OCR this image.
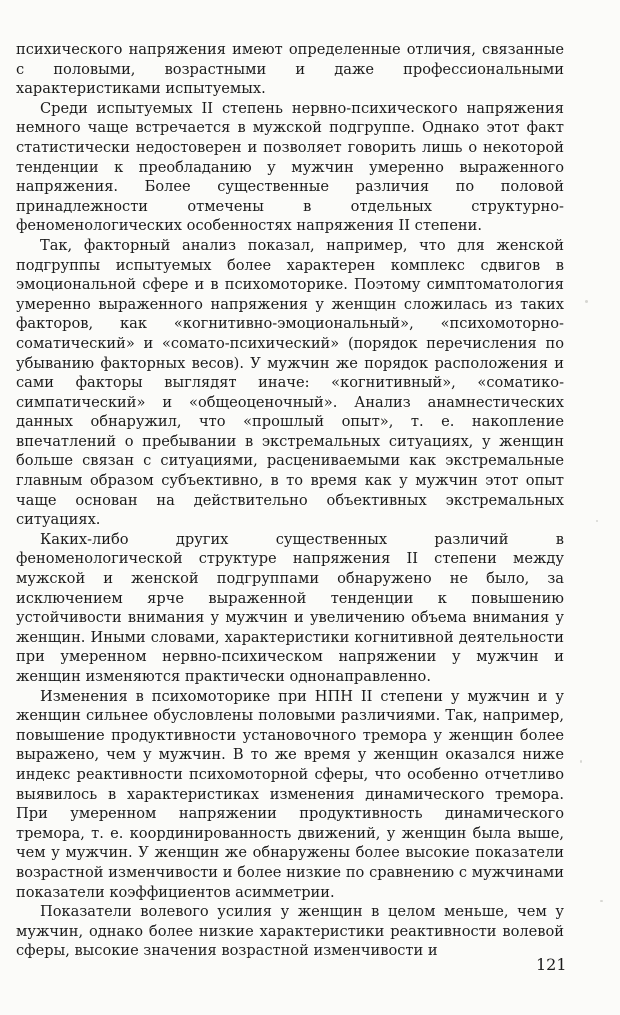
психического напряжения имеют определенные отличия, связанные с половыми, возрастными и даже профессиональными характеристиками испытуемых.

Среди испытуемых II степень нервно-психического напряжения немного чаще встречается в мужской подгруппе. Однако этот факт статистически недостоверен и позволяет говорить лишь о некоторой тенденции к преобладанию у мужчин умеренно выраженного напряжения. Более существенные различия по половой принадлежности отмечены в отдельных структурно-феноменологических особенностях напряжения II степени.

Так, факторный анализ показал, например, что для женской подгруппы испытуемых более характерен комплекс сдвигов в эмоциональной сфере и в психомоторике. Поэтому симптоматология умеренно выраженного напряжения у женщин сложилась из таких факторов, как «когнитивно-эмоциональный», «психомоторно-соматический» и «сомато-психический» (порядок перечисления по убыванию факторных весов). У мужчин же порядок расположения и сами факторы выглядят иначе: «когнитивный», «соматико-симпатический» и «общеоценочный». Анализ анамнестических данных обнаружил, что «прошлый опыт», т. е. накопление впечатлений о пребывании в экстремальных ситуациях, у женщин больше связан с ситуациями, расцениваемыми как экстремальные главным образом субъективно, в то время как у мужчин этот опыт чаще основан на действительно объективных экстремальных ситуациях.

Каких-либо других существенных различий в феноменологической структуре напряжения II степени между мужской и женской подгруппами обнаружено не было, за исключением ярче выраженной тенденции к повышению устойчивости внимания у мужчин и увеличению объема внимания у женщин. Иными словами, характеристики когнитивной деятельности при умеренном нервно-психическом напряжении у мужчин и женщин изменяются практически однонаправленно.

Изменения в психомоторике при НПН II степени у мужчин и у женщин сильнее обусловлены половыми различиями. Так, например, повышение продуктивности установочного тремора у женщин более выражено, чем у мужчин. В то же время у женщин оказался ниже индекс реактивности психомоторной сферы, что особенно отчетливо выявилось в характеристиках изменения динамического тремора. При умеренном напряжении продуктивность динамического тремора, т. е. координированность движений, у женщин была выше, чем у мужчин. У женщин же обнаружены более высокие показатели возрастной изменчивости и более низкие по сравнению с мужчинами показатели коэффициентов асимметрии.

Показатели волевого усилия у женщин в целом меньше, чем у мужчин, однако более низкие характеристики реактивности волевой сферы, высокие значения возрастной изменчивости и

121
